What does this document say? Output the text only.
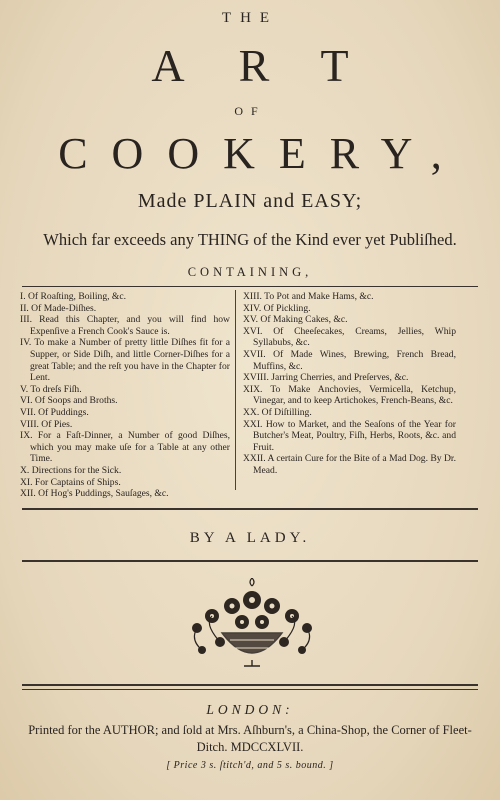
THE
ART
OF
COOKERY,
Made PLAIN and EASY;
Which far exceeds any THING of the Kind ever yet Publiſhed.
CONTAINING,
I. Of Roaſting, Boiling, &c.
II. Of Made-Diſhes.
III. Read this Chapter, and you will find how Expenſive a French Cook's Sauce is.
IV. To make a Number of pretty little Diſhes fit for a Supper, or Side Diſh, and little Corner-Diſhes for a great Table; and the reſt you have in the Chapter for Lent.
V. To dreſs Fiſh.
VI. Of Soops and Broths.
VII. Of Puddings.
VIII. Of Pies.
IX. For a Faſt-Dinner, a Number of good Diſhes, which you may make uſe for a Table at any other Time.
X. Directions for the Sick.
XI. For Captains of Ships.
XII. Of Hog's Puddings, Sauſages, &c.
XIII. To Pot and Make Hams, &c.
XIV. Of Pickling.
XV. Of Making Cakes, &c.
XVI. Of Cheeſecakes, Creams, Jellies, Whip Syllabubs, &c.
XVII. Of Made Wines, Brewing, French Bread, Muffins, &c.
XVIII. Jarring Cherries, and Preſerves, &c.
XIX. To Make Anchovies, Vermicella, Ketchup, Vinegar, and to keep Artichokes, French-Beans, &c.
XX. Of Diſtilling.
XXI. How to Market, and the Seaſons of the Year for Butcher's Meat, Poultry, Fiſh, Herbs, Roots, &c. and Fruit.
XXII. A certain Cure for the Bite of a Mad Dog. By Dr. Mead.
BY A LADY.
LONDON:
Printed for the AUTHOR; and ſold at Mrs. Aſhburn's, a China-Shop, the Corner of Fleet-Ditch. MDCCXLVII.
[ Price 3 s. ſtitch'd, and 5 s. bound. ]
